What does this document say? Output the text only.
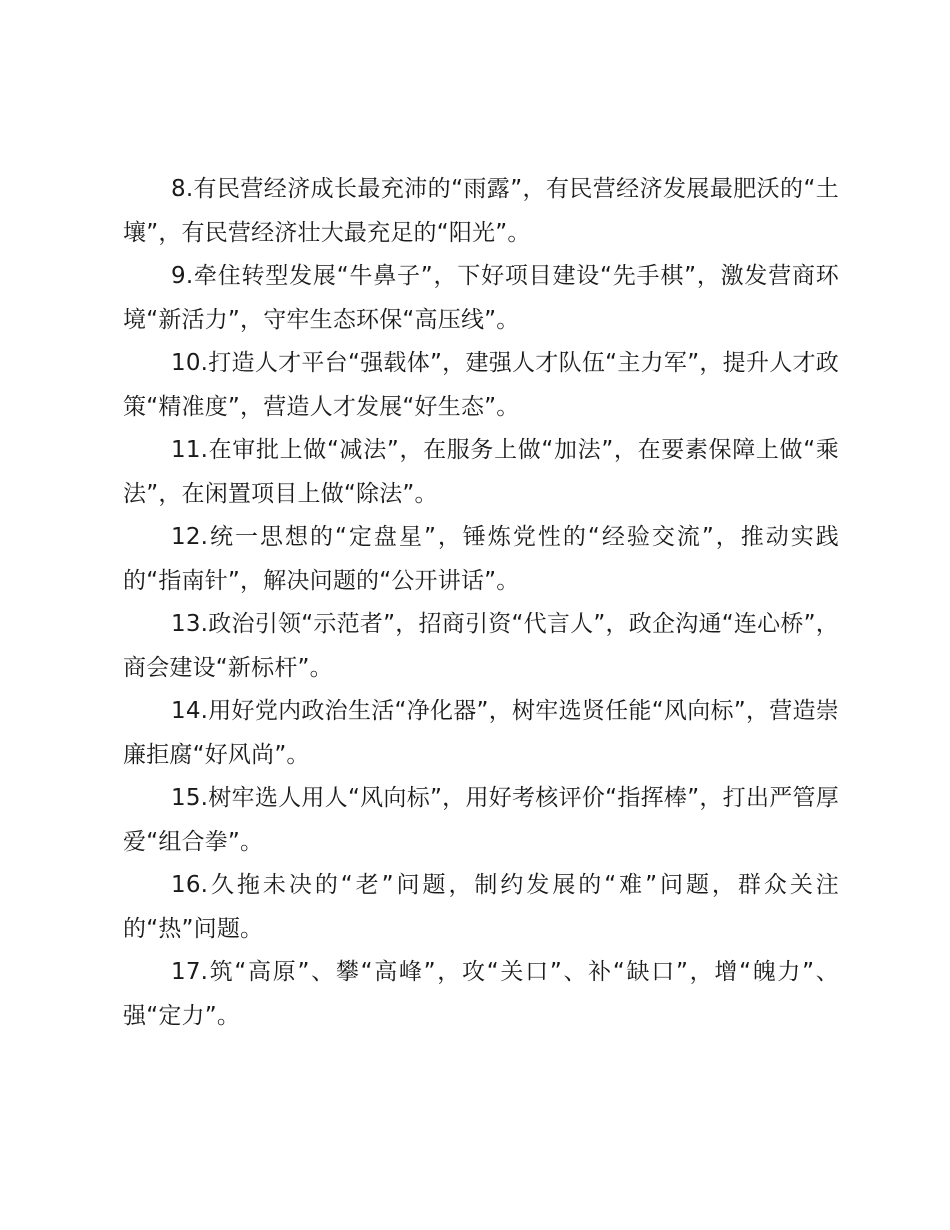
8.有民营经济成长最充沛的“雨露”，有民营经济发展最肥沃的“土壤”，有民营经济壮大最充足的“阳光”。

9.牵住转型发展“牛鼻子”，下好项目建设“先手棋”，激发营商环境“新活力”，守牢生态环保“高压线”。

10.打造人才平台“强载体”，建强人才队伍“主力军”，提升人才政策“精准度”，营造人才发展“好生态”。

11.在审批上做“减法”，在服务上做“加法”，在要素保障上做“乘法”，在闲置项目上做“除法”。

12.统一思想的“定盘星”，锤炼党性的“经验交流”，推动实践的“指南针”，解决问题的“公开讲话”。

13.政治引领“示范者”，招商引资“代言人”，政企沟通“连心桥”，商会建设“新标杆”。

14.用好党内政治生活“净化器”，树牢选贤任能“风向标”，营造崇廉拒腐“好风尚”。

15.树牢选人用人“风向标”，用好考核评价“指挥棒”，打出严管厚爱“组合拳”。

16.久拖未决的“老”问题，制约发展的“难”问题，群众关注的“热”问题。

17.筑“高原”、攀“高峰”，攻“关口”、补“缺口”，增“魄力”、强“定力”。
